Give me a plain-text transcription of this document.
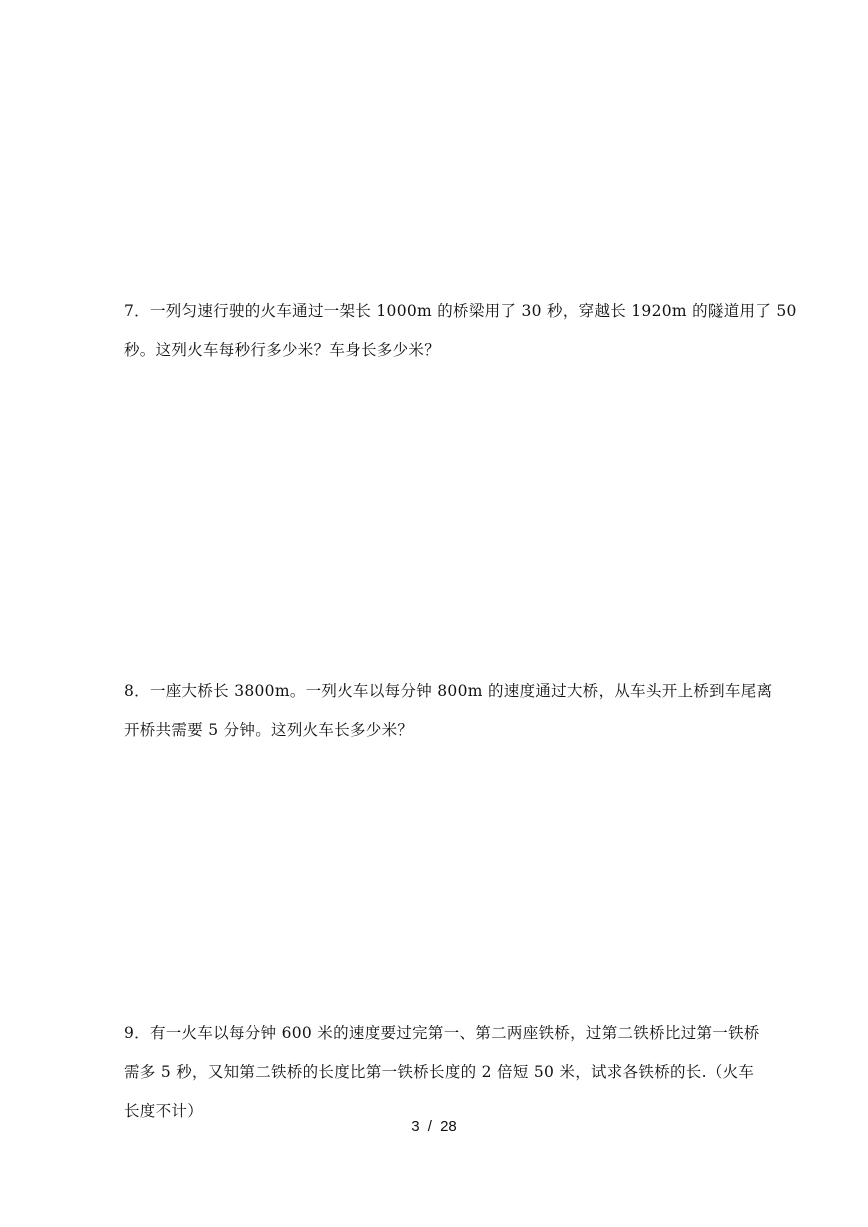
7．一列匀速行驶的火车通过一架长 1000m 的桥梁用了 30 秒，穿越长 1920m 的隧道用了 50
秒。这列火车每秒行多少米？车身长多少米？
8．一座大桥长 3800m。一列火车以每分钟 800m 的速度通过大桥，从车头开上桥到车尾离
开桥共需要 5 分钟。这列火车长多少米？
9．有一火车以每分钟 600 米的速度要过完第一、第二两座铁桥，过第二铁桥比过第一铁桥
需多 5 秒，又知第二铁桥的长度比第一铁桥长度的 2 倍短 50 米，试求各铁桥的长.（火车
长度不计）
3 / 28
